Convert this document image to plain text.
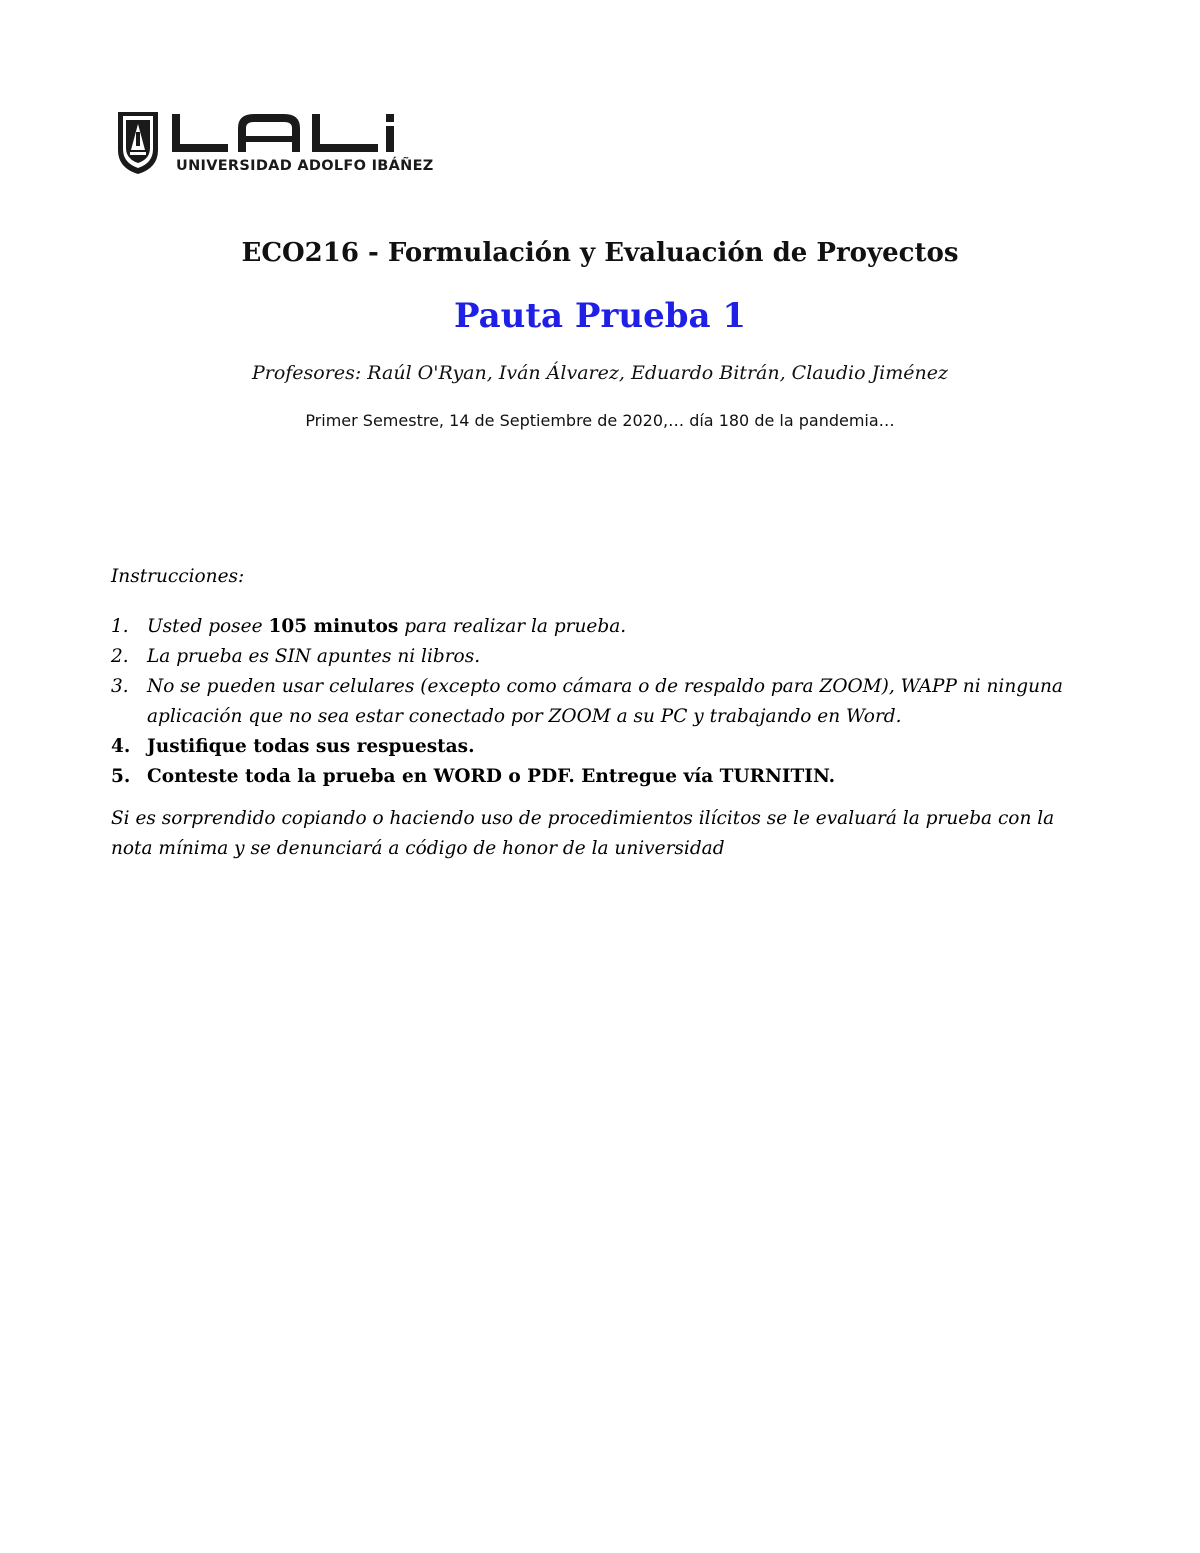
UNIVERSIDAD ADOLFO IBÁÑEZ
ECO216 - Formulación y Evaluación de Proyectos
Pauta Prueba 1
Profesores: Raúl O'Ryan, Iván Álvarez, Eduardo Bitrán, Claudio Jiménez
Primer Semestre, 14 de Septiembre de 2020,… día 180 de la pandemia…
Instrucciones:
1. Usted posee 105 minutos para realizar la prueba.
2. La prueba es SIN apuntes ni libros.
3. No se pueden usar celulares (excepto como cámara o de respaldo para ZOOM), WAPP ni ninguna aplicación que no sea estar conectado por ZOOM a su PC y trabajando en Word.
4. Justifique todas sus respuestas.
5. Conteste toda la prueba en WORD o PDF. Entregue vía TURNITIN.
Si es sorprendido copiando o haciendo uso de procedimientos ilícitos se le evaluará la prueba con la nota mínima y se denunciará a código de honor de la universidad
